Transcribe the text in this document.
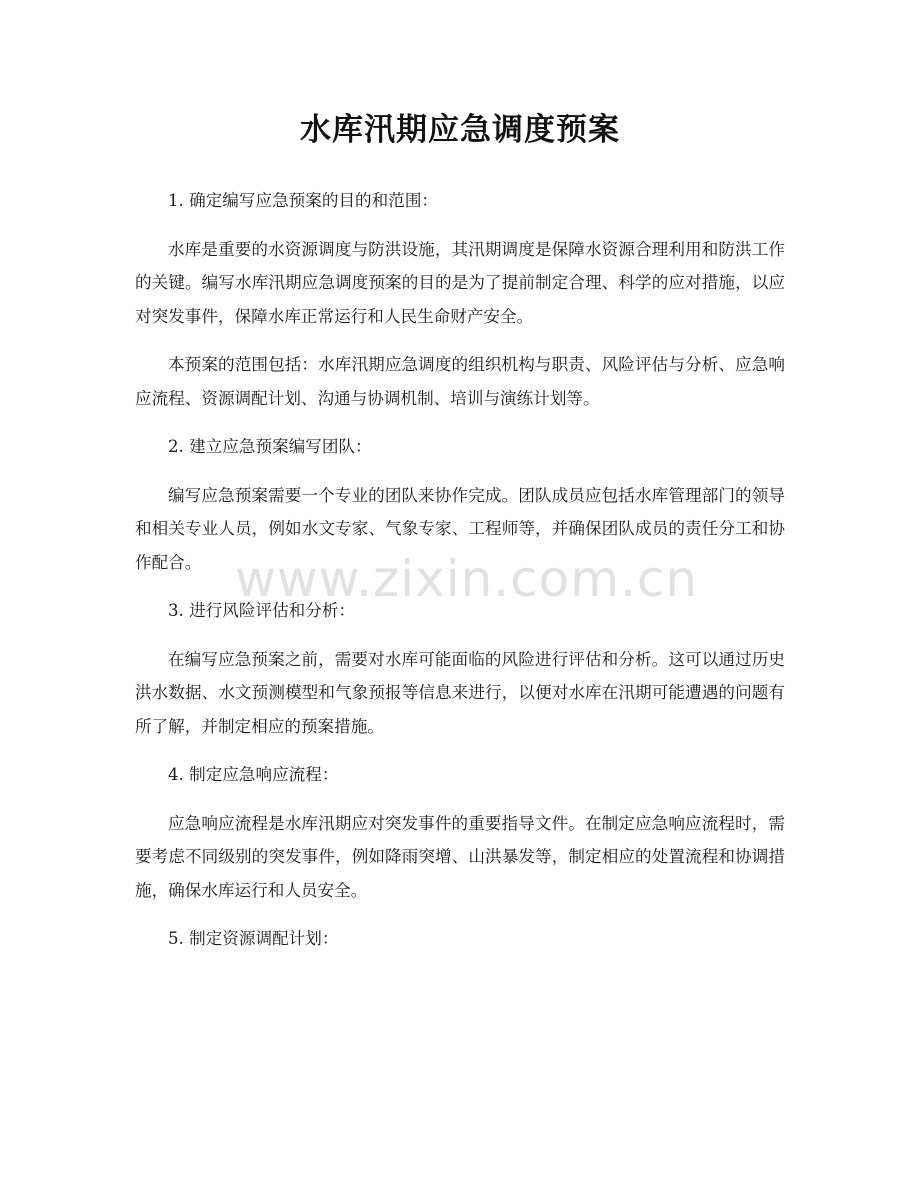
水库汛期应急调度预案

1. 确定编写应急预案的目的和范围：

水库是重要的水资源调度与防洪设施，其汛期调度是保障水资源合理利用和防洪工作的关键。编写水库汛期应急调度预案的目的是为了提前制定合理、科学的应对措施，以应对突发事件，保障水库正常运行和人民生命财产安全。

本预案的范围包括：水库汛期应急调度的组织机构与职责、风险评估与分析、应急响应流程、资源调配计划、沟通与协调机制、培训与演练计划等。

2. 建立应急预案编写团队：

编写应急预案需要一个专业的团队来协作完成。团队成员应包括水库管理部门的领导和相关专业人员，例如水文专家、气象专家、工程师等，并确保团队成员的责任分工和协作配合。

3. 进行风险评估和分析：

在编写应急预案之前，需要对水库可能面临的风险进行评估和分析。这可以通过历史洪水数据、水文预测模型和气象预报等信息来进行，以便对水库在汛期可能遭遇的问题有所了解，并制定相应的预案措施。

4. 制定应急响应流程：

应急响应流程是水库汛期应对突发事件的重要指导文件。在制定应急响应流程时，需要考虑不同级别的突发事件，例如降雨突增、山洪暴发等，制定相应的处置流程和协调措施，确保水库运行和人员安全。

5. 制定资源调配计划：

www.zixin.com.cn
